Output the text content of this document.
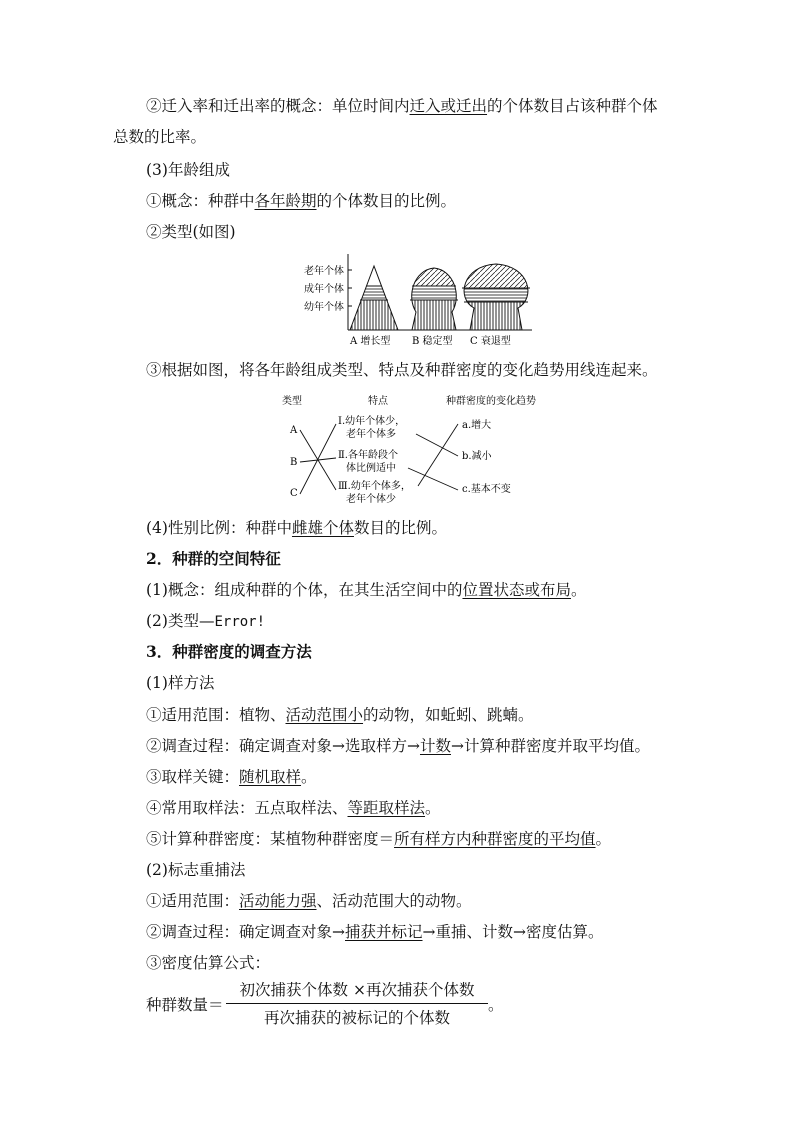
②迁入率和迁出率的概念：单位时间内迁入或迁出的个体数目占该种群个体
总数的比率。
(3)年龄组成
①概念：种群中各年龄期的个体数目的比例。
②类型(如图)
老年个体
成年个体
幼年个体
A 增长型 B 稳定型 C 衰退型
③根据如图，将各年龄组成类型、特点及种群密度的变化趋势用线连起来。
类型	特点	种群密度的变化趋势
A
B
C
Ⅰ.幼年个体少，
老年个体多
Ⅱ.各年龄段个
体比例适中
Ⅲ.幼年个体多，
老年个体少
a.增大
b.减小
c.基本不变
(4)性别比例：种群中雌雄个体数目的比例。
2．种群的空间特征
(1)概念：组成种群的个体，在其生活空间中的位置状态或布局。
(2)类型—Error!
3．种群密度的调查方法
(1)样方法
①适用范围：植物、活动范围小的动物，如蚯蚓、跳蝻。
②调查过程：确定调查对象→选取样方→计数→计算种群密度并取平均值。
③取样关键：随机取样。
④常用取样法：五点取样法、等距取样法。
⑤计算种群密度：某植物种群密度＝所有样方内种群密度的平均值。
(2)标志重捕法
①适用范围：活动能力强、活动范围大的动物。
②调查过程：确定调查对象→捕获并标记→重捕、计数→密度估算。
③密度估算公式：
种群数量＝
初次捕获个体数 ×再次捕获个体数
再次捕获的被标记的个体数
。
